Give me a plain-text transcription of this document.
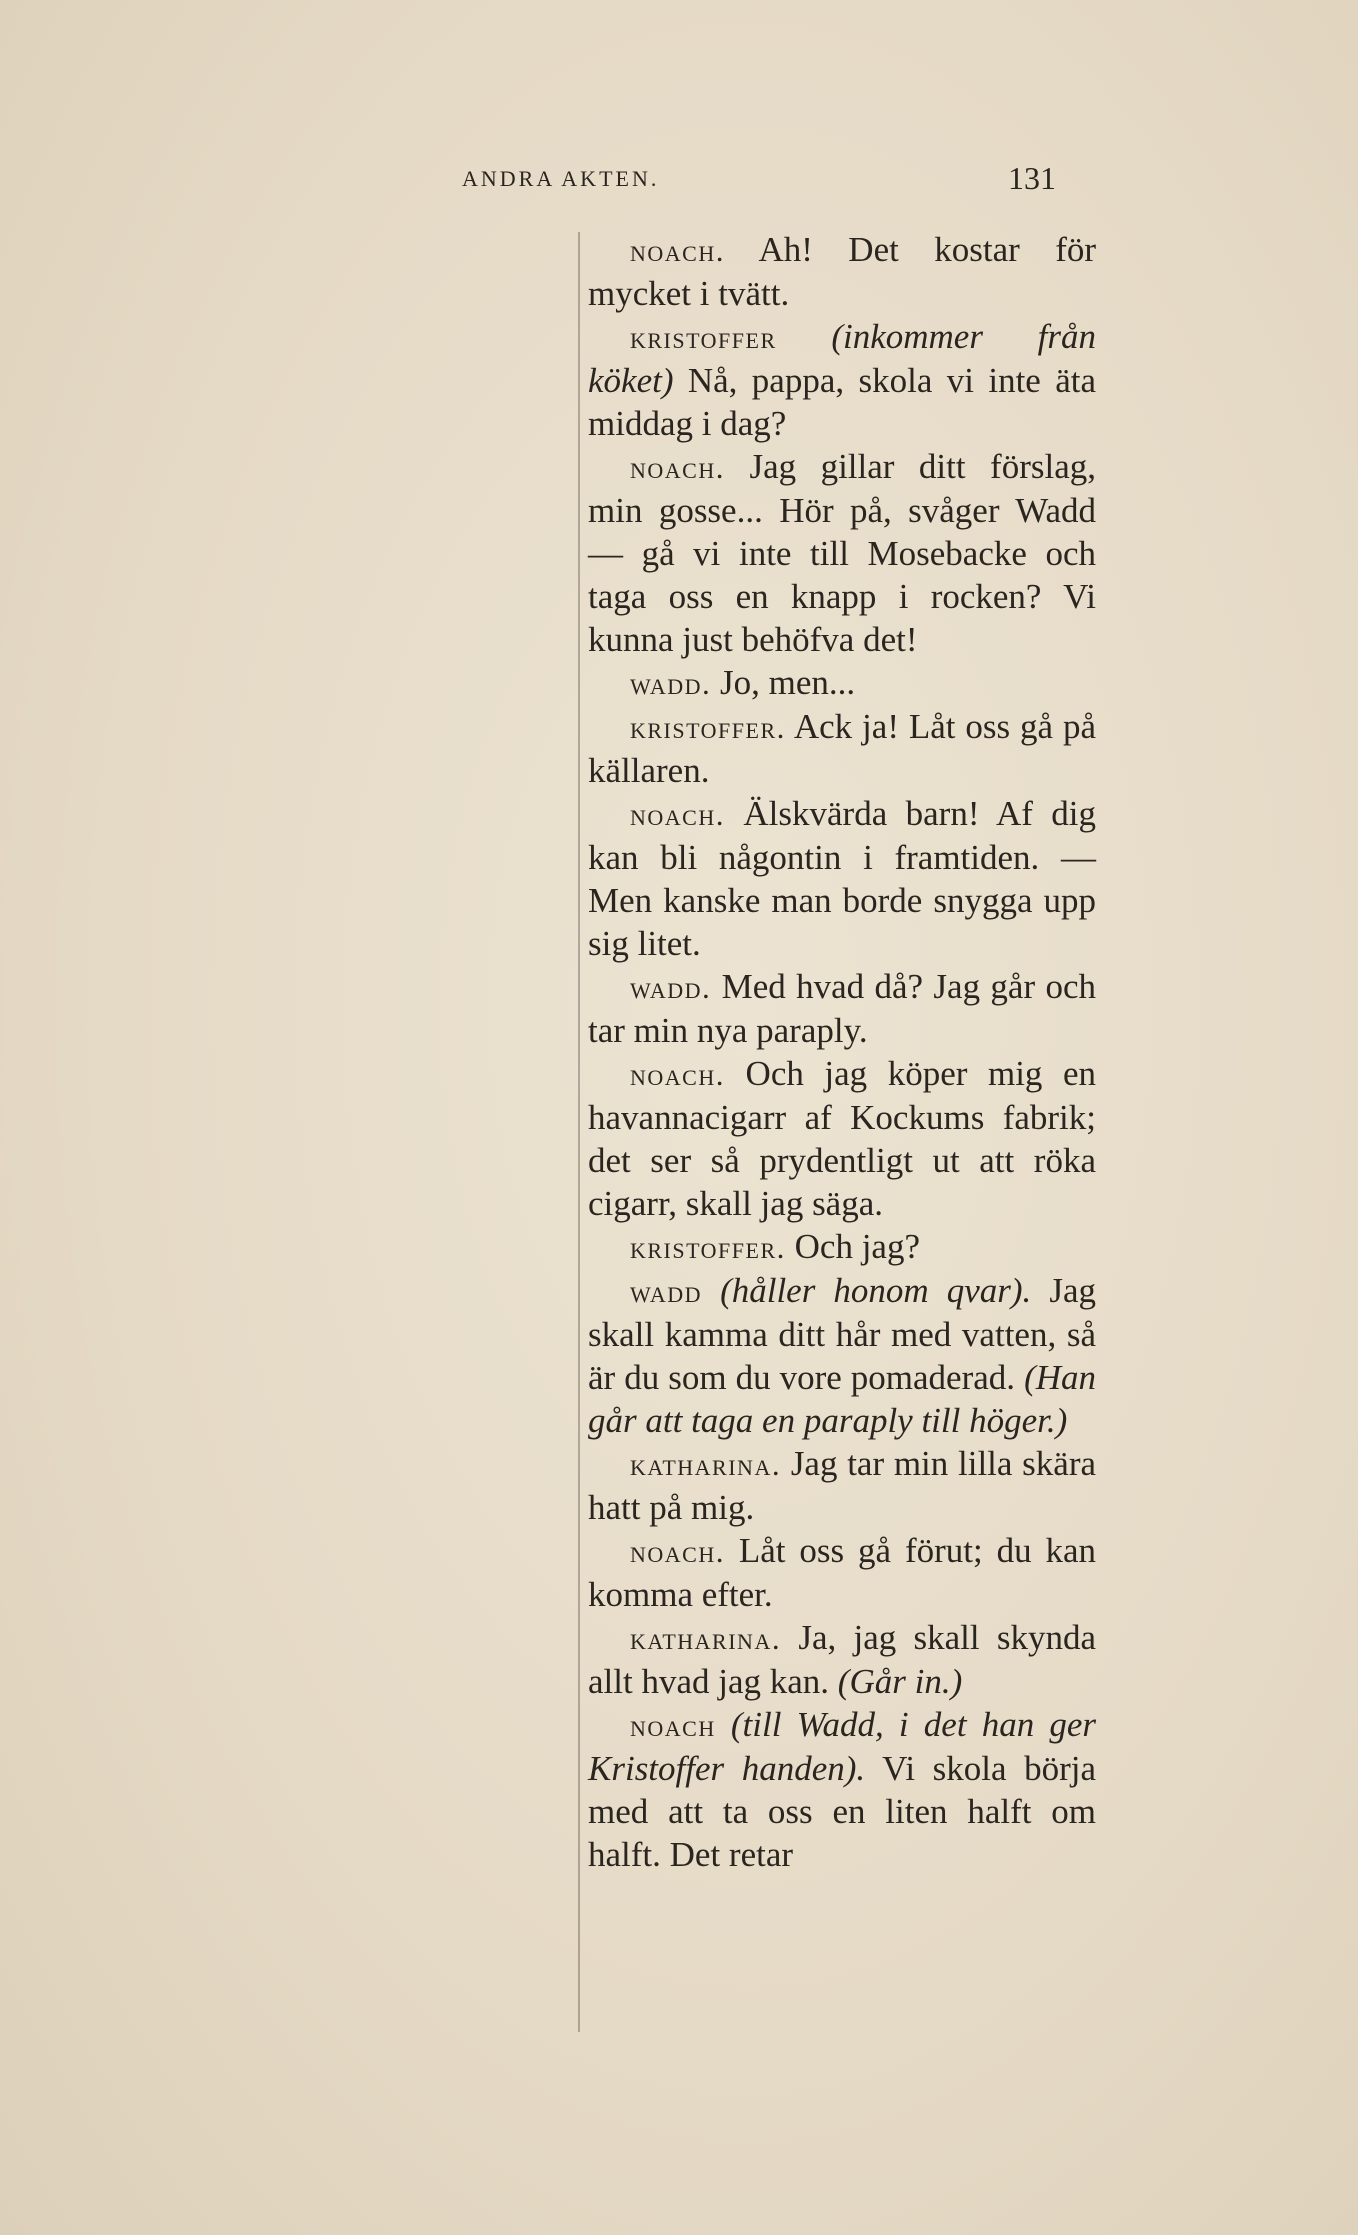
ANDRA AKTEN.	131

noach. Ah! Det kostar för mycket i tvätt.

kristoffer (inkommer från köket) Nå, pappa, skola vi inte äta middag i dag?

noach. Jag gillar ditt förslag, min gosse... Hör på, svåger Wadd — gå vi inte till Mosebacke och taga oss en knapp i rocken? Vi kunna just behöfva det!

wadd. Jo, men...

kristoffer. Ack ja! Låt oss gå på källaren.

noach. Älskvärda barn! Af dig kan bli någontin i framtiden. — Men kanske man borde snygga upp sig litet.

wadd. Med hvad då? Jag går och tar min nya paraply.

noach. Och jag köper mig en havannacigarr af Kockums fabrik; det ser så prydentligt ut att röka cigarr, skall jag säga.

kristoffer. Och jag?

wadd (håller honom qvar). Jag skall kamma ditt hår med vatten, så är du som du vore pomaderad. (Han går att taga en paraply till höger.)

katharina. Jag tar min lilla skära hatt på mig.

noach. Låt oss gå förut; du kan komma efter.

katharina. Ja, jag skall skynda allt hvad jag kan. (Går in.)

noach (till Wadd, i det han ger Kristoffer handen). Vi skola börja med att ta oss en liten halft om halft. Det retar
